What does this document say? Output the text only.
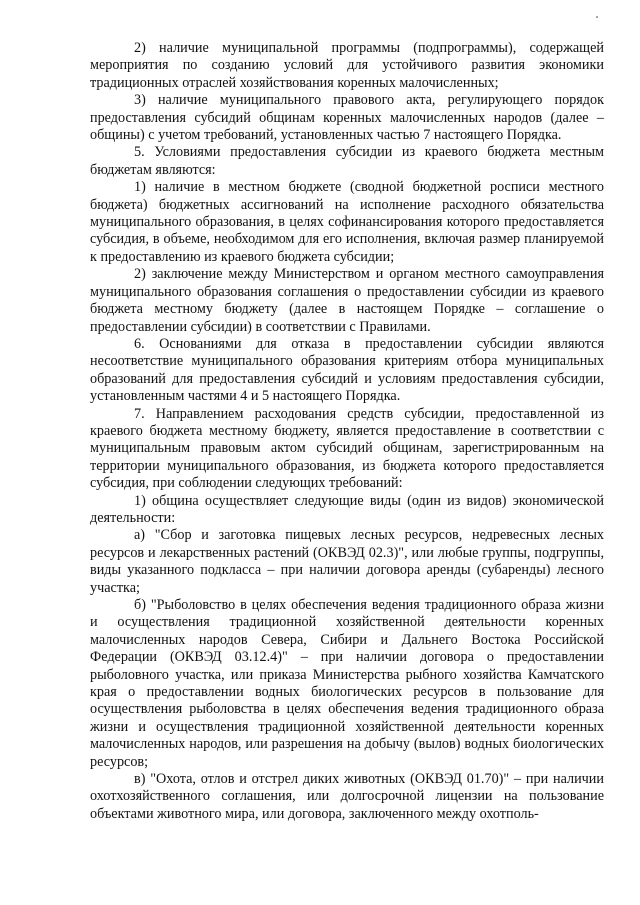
2) наличие муниципальной программы (подпрограммы), содержащей мероприятия по созданию условий для устойчивого развития экономики традиционных отраслей хозяйствования коренных малочисленных;

3) наличие муниципального правового акта, регулирующего порядок предоставления субсидий общинам коренных малочисленных народов (далее – общины) с учетом требований, установленных частью 7 настоящего Порядка.

5. Условиями предоставления субсидии из краевого бюджета местным бюджетам являются:

1) наличие в местном бюджете (сводной бюджетной росписи местного бюджета) бюджетных ассигнований на исполнение расходного обязательства муниципального образования, в целях софинансирования которого предоставляется субсидия, в объеме, необходимом для его исполнения, включая размер планируемой к предоставлению из краевого бюджета субсидии;

2) заключение между Министерством и органом местного самоуправления муниципального образования соглашения о предоставлении субсидии из краевого бюджета местному бюджету (далее в настоящем Порядке – соглашение о предоставлении субсидии) в соответствии с Правилами.

6. Основаниями для отказа в предоставлении субсидии являются несоответствие муниципального образования критериям отбора муниципальных образований для предоставления субсидий и условиям предоставления субсидии, установленным частями 4 и 5 настоящего Порядка.

7. Направлением расходования средств субсидии, предоставленной из краевого бюджета местному бюджету, является предоставление в соответствии с муниципальным правовым актом субсидий общинам, зарегистрированным на территории муниципального образования, из бюджета которого предоставляется субсидия, при соблюдении следующих требований:

1) община осуществляет следующие виды (один из видов) экономической деятельности:

а) "Сбор и заготовка пищевых лесных ресурсов, недревесных лесных ресурсов и лекарственных растений (ОКВЭД 02.3)", или любые группы, подгруппы, виды указанного подкласса – при наличии договора аренды (субаренды) лесного участка;

б) "Рыболовство в целях обеспечения ведения традиционного образа жизни и осуществления традиционной хозяйственной деятельности коренных малочисленных народов Севера, Сибири и Дальнего Востока Российской Федерации (ОКВЭД 03.12.4)" – при наличии договора о предоставлении рыболовного участка, или приказа Министерства рыбного хозяйства Камчатского края о предоставлении водных биологических ресурсов в пользование для осуществления рыболовства в целях обеспечения ведения традиционного образа жизни и осуществления традиционной хозяйственной деятельности коренных малочисленных народов, или разрешения на добычу (вылов) водных биологических ресурсов;

в) "Охота, отлов и отстрел диких животных (ОКВЭД 01.70)" – при наличии охотхозяйственного соглашения, или долгосрочной лицензии на пользование объектами животного мира, или договора, заключенного между охотполь-
